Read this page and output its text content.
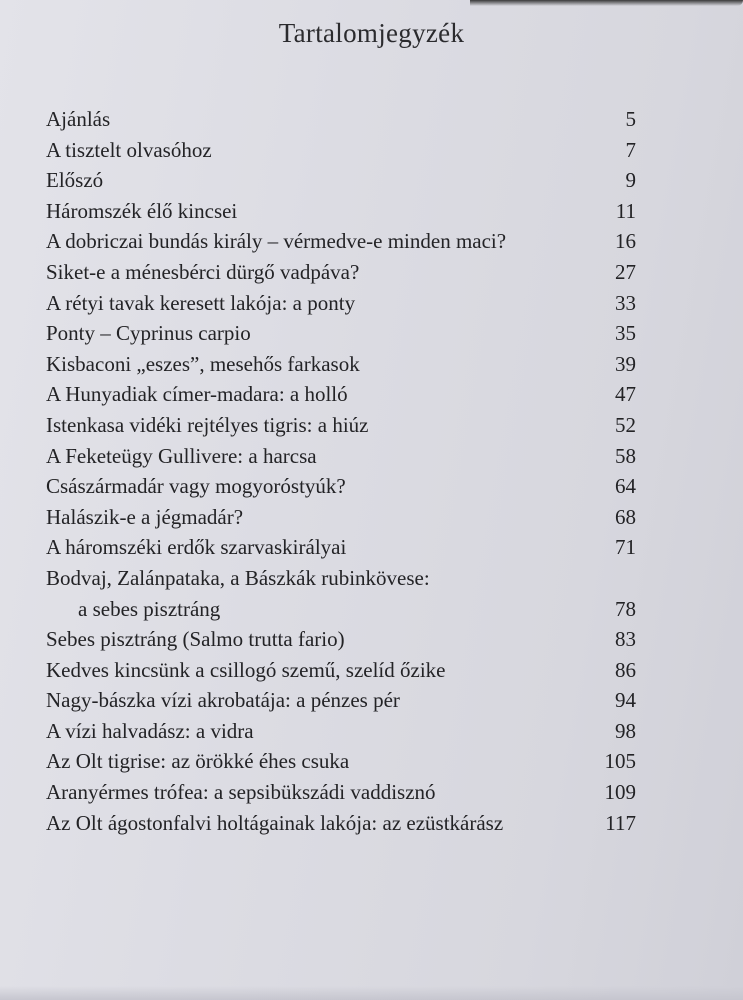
Tartalomjegyzék
Ajánlás	5
A tisztelt olvasóhoz	7
Előszó	9
Háromszék élő kincsei	11
A dobriczai bundás király – vérmedve-e minden maci?	16
Siket-e a ménesbérci dürgő vadpáva?	27
A rétyi tavak keresett lakója: a ponty	33
Ponty – Cyprinus carpio	35
Kisbaconi „eszes”, mesehős farkasok	39
A Hunyadiak címer-madara: a holló	47
Istenkasa vidéki rejtélyes tigris: a hiúz	52
A Feketeügy Gullivere: a harcsa	58
Császármadár vagy mogyoróstyúk?	64
Halászik-e a jégmadár?	68
A háromszéki erdők szarvaskirályai	71
Bodvaj, Zalánpataka, a Bászkák rubinkövese:
a sebes pisztráng	78
Sebes pisztráng (Salmo trutta fario)	83
Kedves kincsünk a csillogó szemű, szelíd őzike	86
Nagy-bászka vízi akrobatája: a pénzes pér	94
A vízi halvadász: a vidra	98
Az Olt tigrise: az örökké éhes csuka	105
Aranyérmes trófea: a sepsibükszádi vaddisznó	109
Az Olt ágostonfalvi holtágainak lakója: az ezüstkárász	117
